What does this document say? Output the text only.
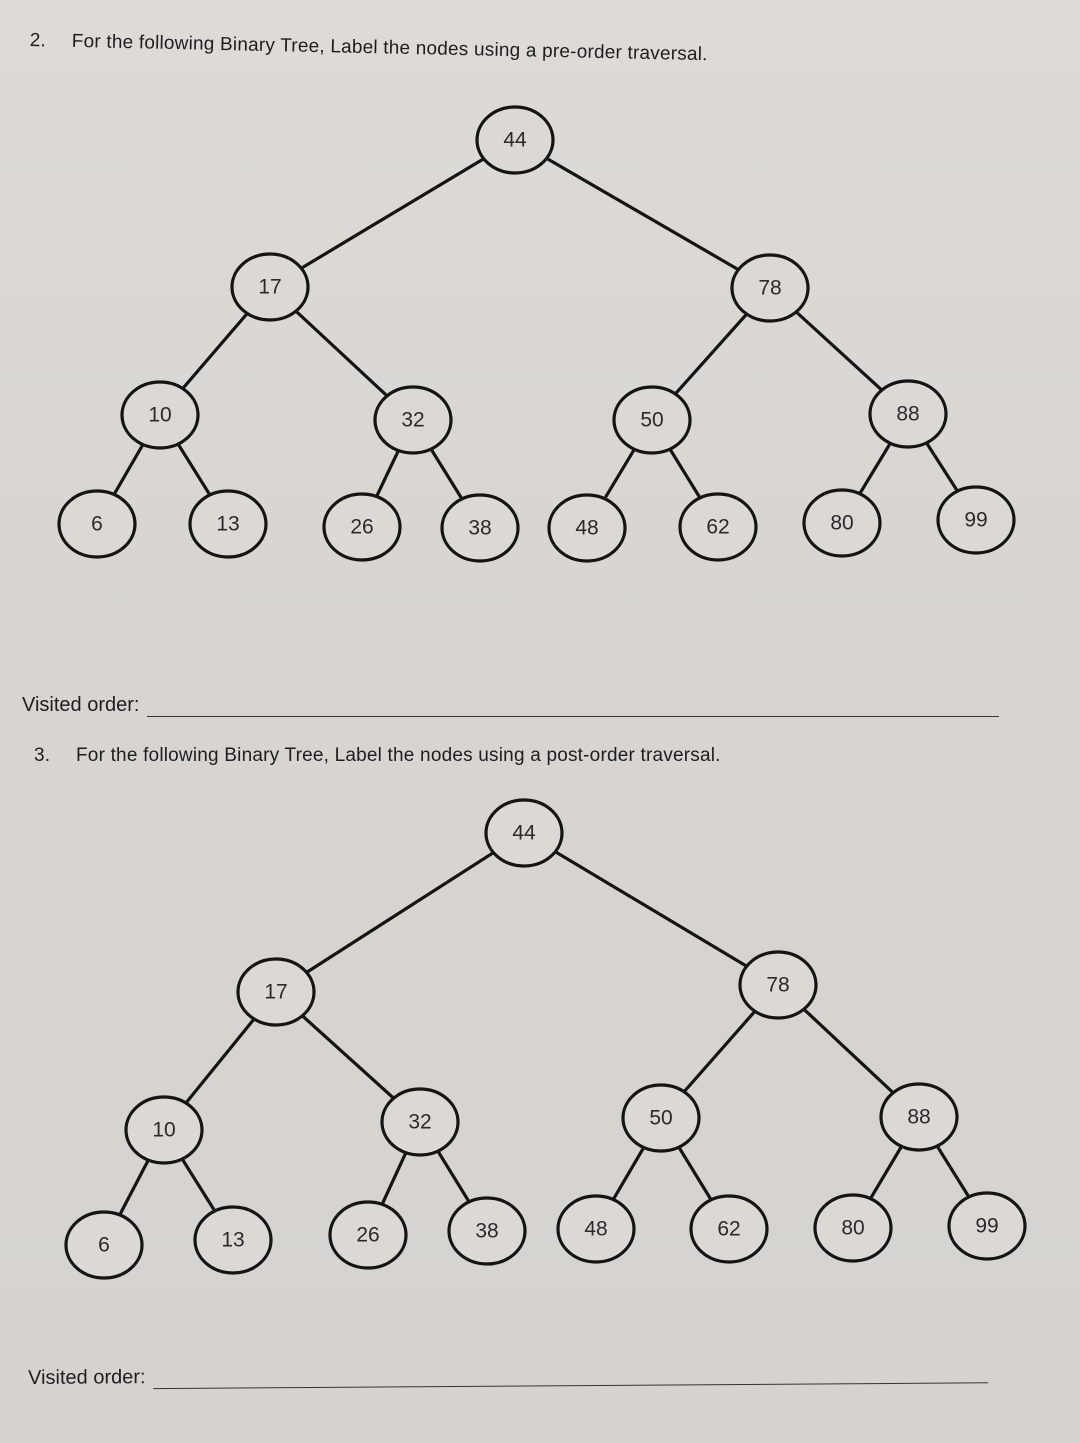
2. For the following Binary Tree, Label the nodes using a pre-order traversal.
44
17	78
10	32	50	88
6	13	26	38	48	62	80	99
Visited order:
3. For the following Binary Tree, Label the nodes using a post-order traversal.
44
17	78
10	32	50	88
6	13	26	38	48	62	80	99
Visited order:
